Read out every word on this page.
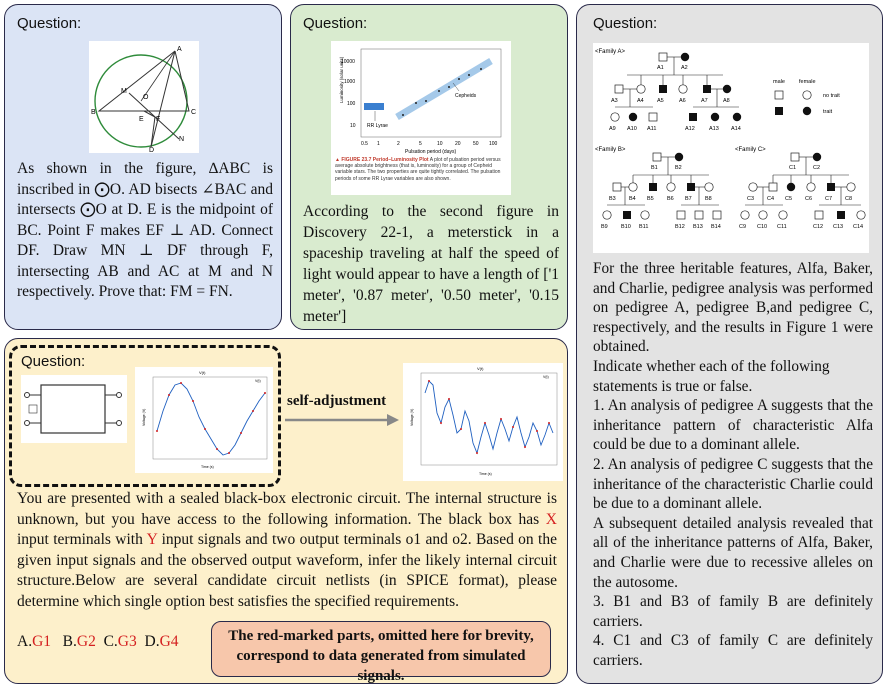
Question:
A
B	C
D
E F
M
N
O
As shown in the figure, ∆ABC is inscribed in ⨀O. AD bisects ∠BAC and intersects ⨀O at D. E is the midpoint of BC. Point F makes EF ⊥ AD. Connect DF. Draw MN ⊥ DF through F, intersecting AB and AC at M and N respectively. Prove that: FM = FN.
Question:
Luminosity (solar units)
10000
1000
100
10
Cepheids
RR Lyrae
0.5 1	2	5	10 20 50 100
Pulsation period (days)
▲ FIGURE 23.7 Period–Luminosity Plot A plot of pulsation period versus average absolute brightness (that is, luminosity) for a group of Cepheid variable stars. The two properties are quite tightly correlated. The pulsation periods of some RR Lyrae variables are also shown.
According to the second figure in Discovery 22-1, a meterstick in a spaceship traveling at half the speed of light would appear to have a length of ['1 meter', '0.87 meter', '0.50 meter', '0.15 meter']
Question:
V(t)
Voltage (V)
V(t)
Time (s)
self-adjustment
V(t)
Voltage (V)
V(t)
Time (s)
You are presented with a sealed black-box electronic circuit. The internal structure is unknown, but you have access to the following information. The black box has X input terminals with Y input signals and two output terminals o1 and o2. Based on the given input signals and the observed output waveform, infer the likely internal circuit structure.Below are several candidate circuit netlists (in SPICE format), please determine which single option best satisfies the specified requirements.
A.G1 B.G2 C.G3 D.G4	The red-marked parts, omitted here for brevity, correspond to data generated from simulated signals.
Question:
<Family A>
A1	A2
A3	A4 A5	A6	A7	A8
A9 A10 A11	A12	A13 A14
male	female
no trait
trait
<Family B>
B1	B2
B3 B4 B5 B6 B7 B8
B9 B10 B11	B12 B13 B14
<Family C>
C1	C2
C3 C4 C5 C6 C7 C8
C9 C10 C11	C12 C13 C14
For the three heritable features, Alfa, Baker, and Charlie, pedigree analysis was performed on pedigree A, pedigree B,and pedigree C, respectively, and the results in Figure 1 were obtained.
Indicate whether each of the following statements is true or false.
1. An analysis of pedigree A suggests that the inheritance pattern of characteristic Alfa could be due to a dominant allele.
2. An analysis of pedigree C suggests that the inheritance of the characteristic Charlie could be due to a dominant allele.
A subsequent detailed analysis revealed that all of the inheritance patterns of Alfa, Baker, and Charlie were due to recessive alleles on the autosome.
3. B1 and B3 of family B are definitely carriers.
4. C1 and C3 of family C are definitely carriers.
